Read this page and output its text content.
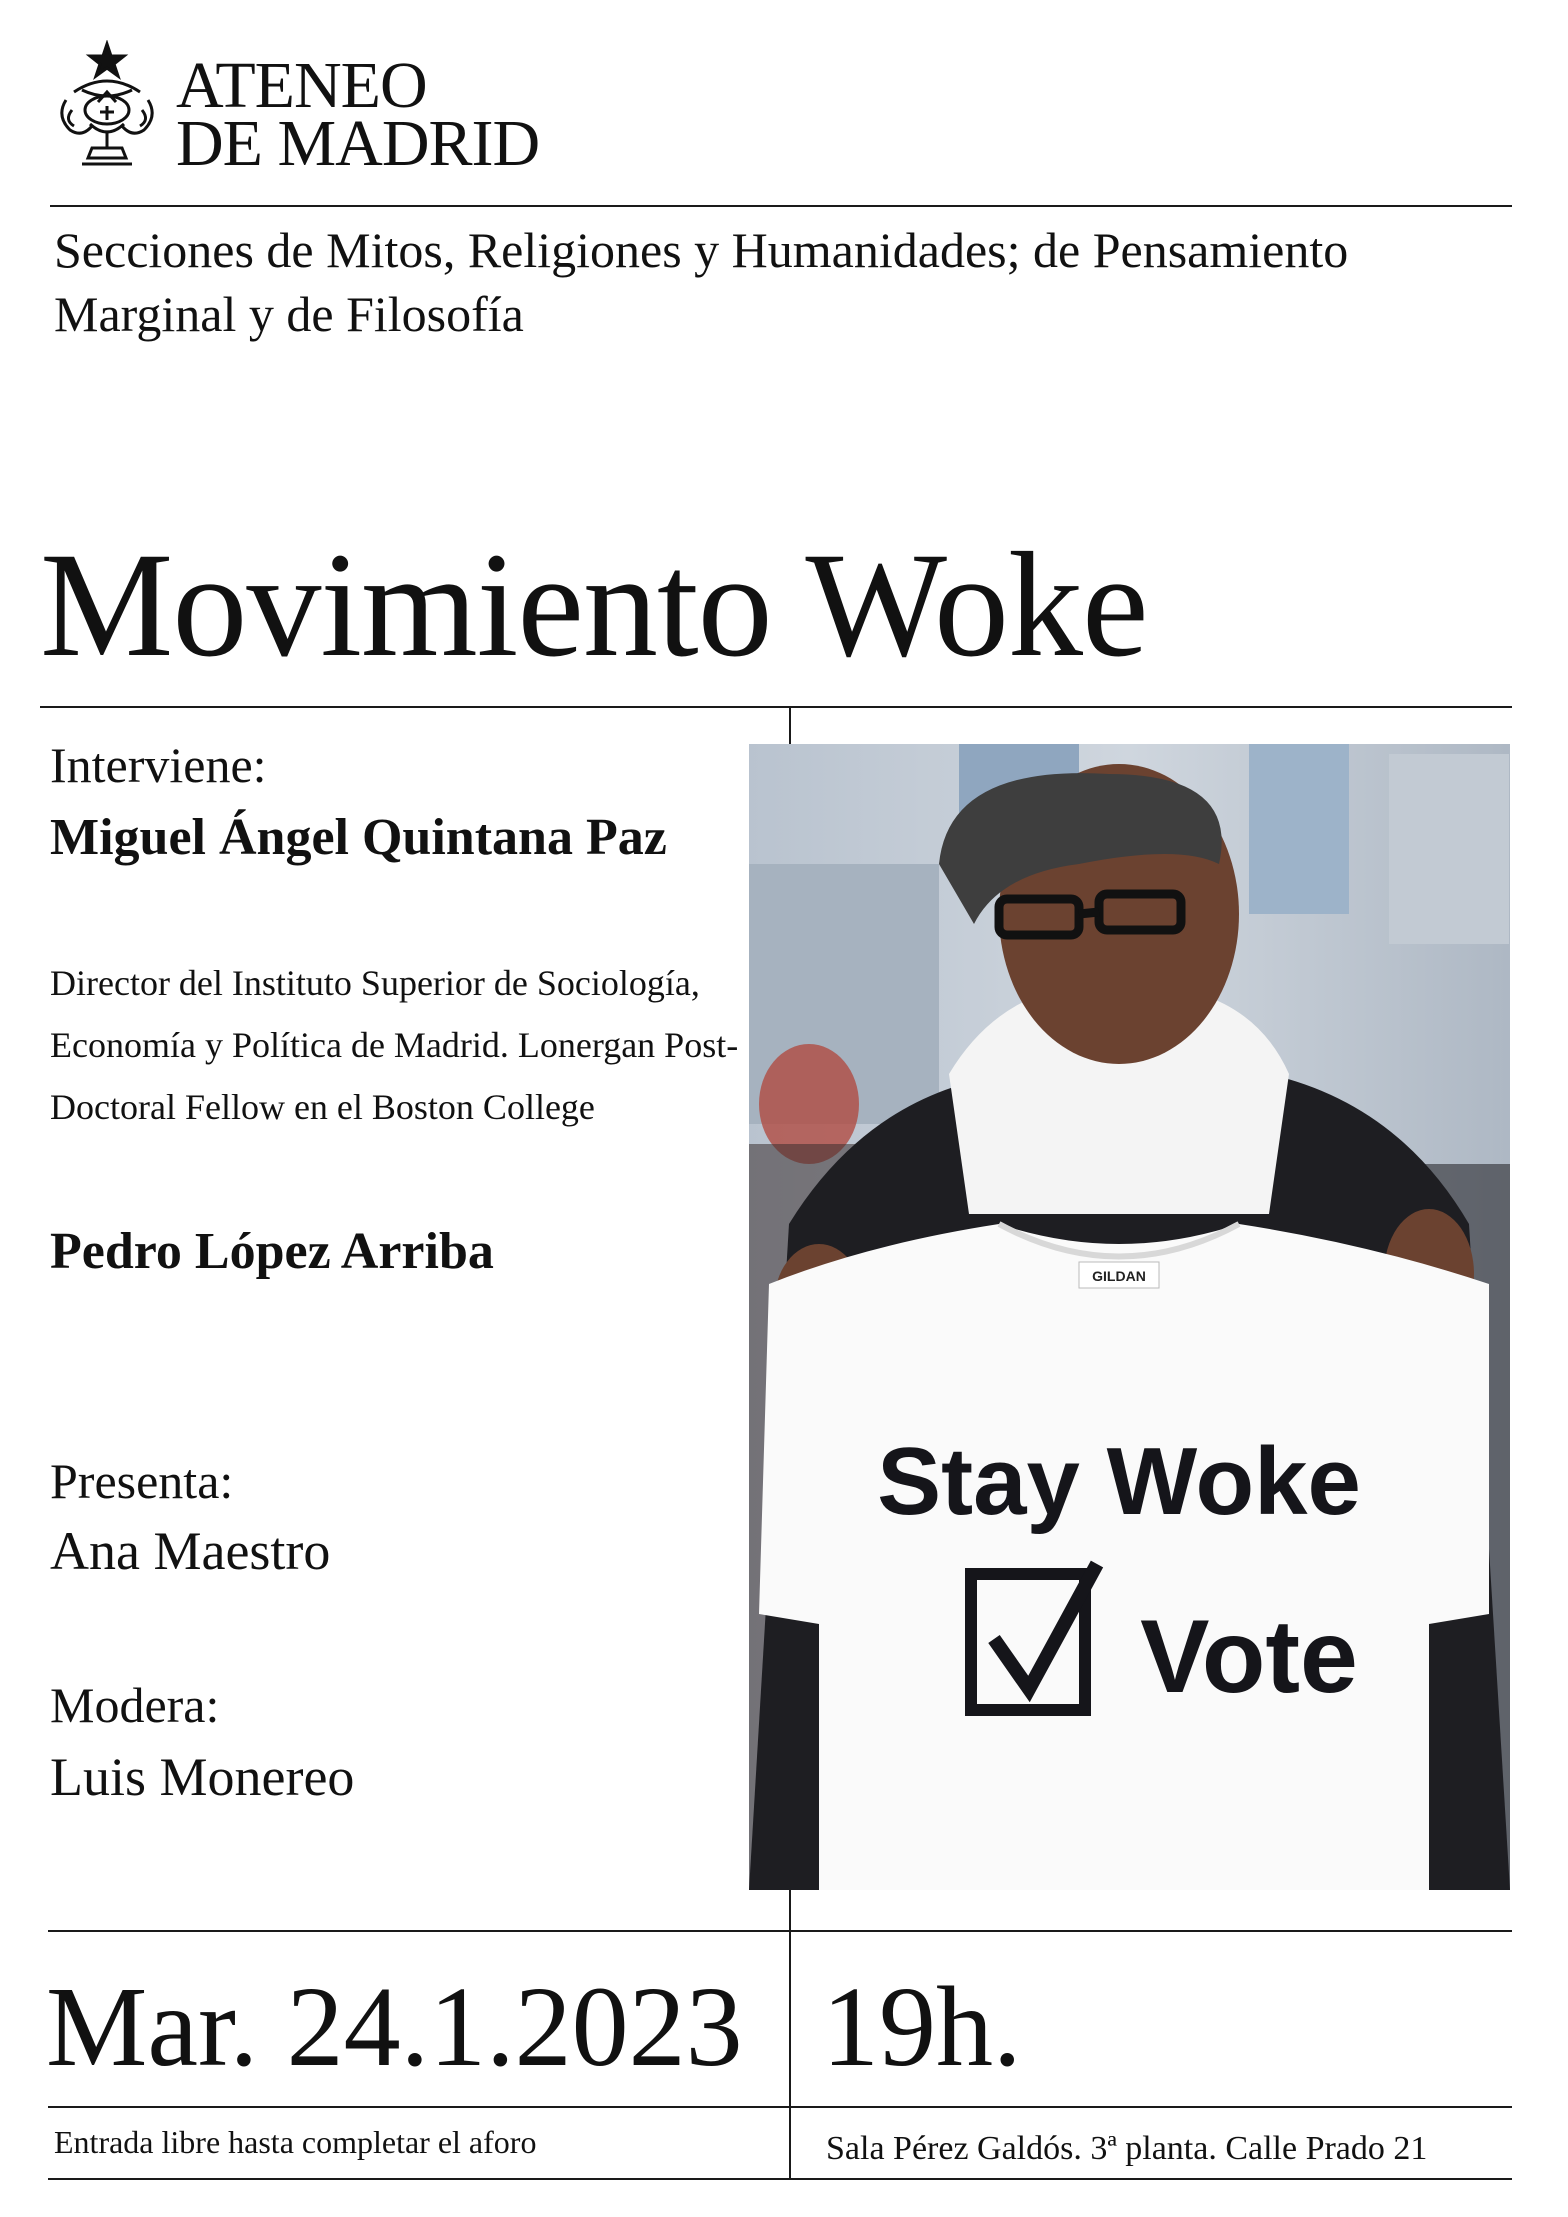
ATENEO
DE MADRID
Secciones de Mitos, Religiones y Humanidades; de Pensamiento Marginal y de Filosofía
Movimiento Woke
Interviene:
Miguel Ángel Quintana Paz
Director del Instituto Superior de Sociología, Economía y Política de Madrid. Lonergan Post-Doctoral Fellow en el Boston College
Pedro López Arriba
Presenta:
Ana Maestro
Modera:
Luis Monereo
GILDAN
Stay Woke
Vote
Mar. 24.1.2023 19h.
Entrada libre hasta completar el aforo	Sala Pérez Galdós. 3ª planta. Calle Prado 21
